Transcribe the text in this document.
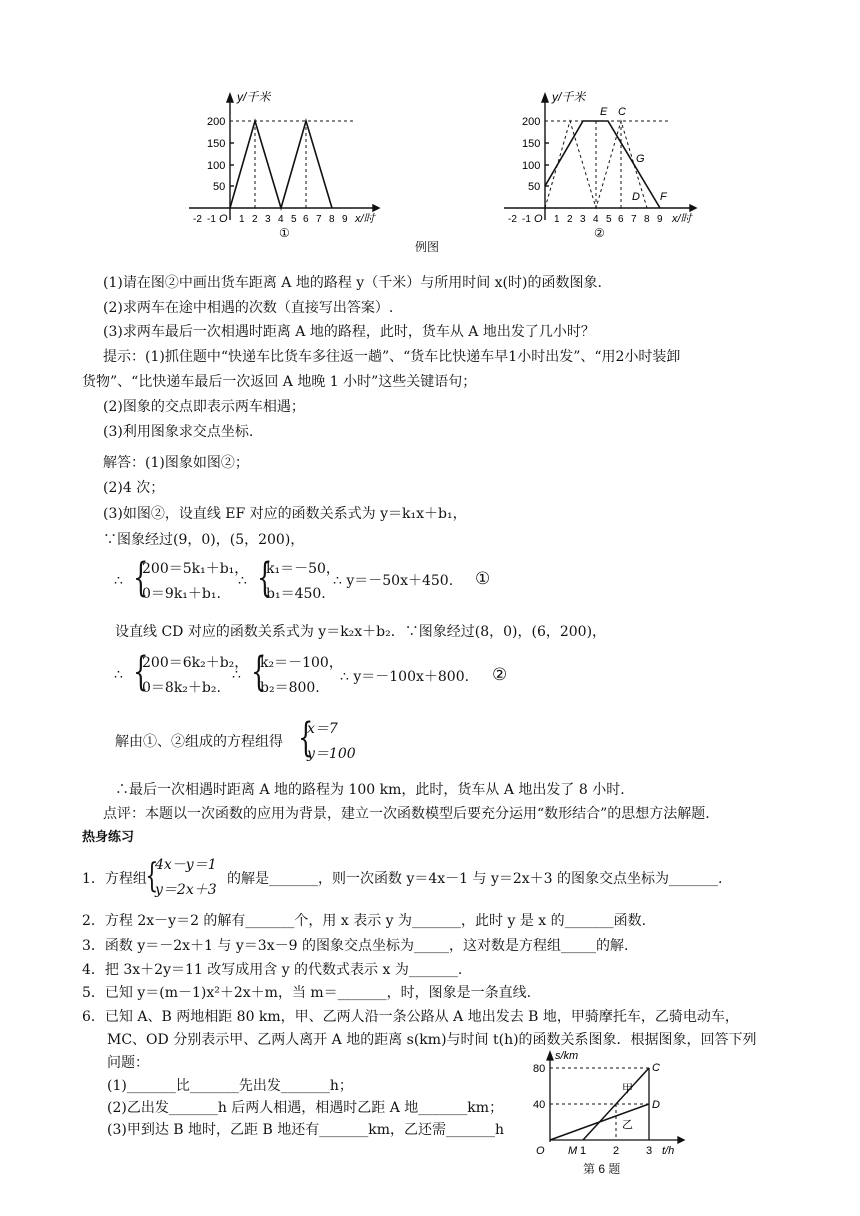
y/千米
200
150
100
50
-2 -1 O 1 2 3 4 5 6 7 8 9 x/时
①
y/千米
200
150
100
50
E C
G
D F
-2 -1 O 1 2 3 4 5 6 7 8 9 x/时
②
例图
(1)请在图②中画出货车距离 A 地的路程 y（千米）与所用时间 x(时)的函数图象.
(2)求两车在途中相遇的次数（直接写出答案）.
(3)求两车最后一次相遇时距离 A 地的路程，此时，货车从 A 地出发了几小时？
提示：(1)抓住题中“快递车比货车多往返一趟”、“货车比快递车早1小时出发”、“用2小时装卸
货物”、“比快递车最后一次返回 A 地晚 1 小时”这些关键语句；
(2)图象的交点即表示两车相遇；
(3)利用图象求交点坐标.
解答：(1)图象如图②；
(2)4 次；
(3)如图②，设直线 EF 对应的函数关系式为 y＝k₁x＋b₁，
∵图象经过(9，0)，(5，200)，
∴ {
200＝5k₁＋b₁，
0＝9k₁＋b₁.
∴ {
k₁＝－50，
b₁＝450.
∴ y＝－50x＋450. ①
设直线 CD 对应的函数关系式为 y＝k₂x＋b₂．∵图象经过(8，0)，(6，200)，
∴ {
200＝6k₂＋b₂，
0＝8k₂＋b₂.
∴ {
k₂＝－100，
b₂＝800.
∴ y＝－100x＋800. ②
解由①、②组成的方程组得 {
x＝7
y＝100
∴最后一次相遇时距离 A 地的路程为 100 km，此时，货车从 A 地出发了 8 小时.
点评：本题以一次函数的应用为背景，建立一次函数模型后要充分运用“数形结合”的思想方法解题.
热身练习
1．方程组
{
4x－y＝1
y＝2x＋3
的解是_______，则一次函数 y＝4x－1 与 y＝2x＋3 的图象交点坐标为_______.
2．方程 2x－y＝2 的解有_______个，用 x 表示 y 为_______，此时 y 是 x 的_______函数.
3．函数 y＝－2x＋1 与 y＝3x－9 的图象交点坐标为_____，这对数是方程组_____的解.
4．把 3x＋2y＝11 改写成用含 y 的代数式表示 x 为_______.
5．已知 y＝(m－1)x²＋2x＋m，当 m＝_______，时，图象是一条直线.
6．已知 A、B 两地相距 80 km，甲、乙两人沿一条公路从 A 地出发去 B 地，甲骑摩托车，乙骑电动车，
MC、OD 分别表示甲、乙两人离开 A 地的距离 s(km)与时间 t(h)的函数关系图象．根据图象，回答下列
问题：
(1)_______比_______先出发_______h；
(2)乙出发_______h 后两人相遇，相遇时乙距 A 地_______km；
(3)甲到达 B 地时，乙距 B 地还有_______km，乙还需_______h
s/km
80
40
C
D
甲
乙
O M 1 2 3 t/h
第 6 题
